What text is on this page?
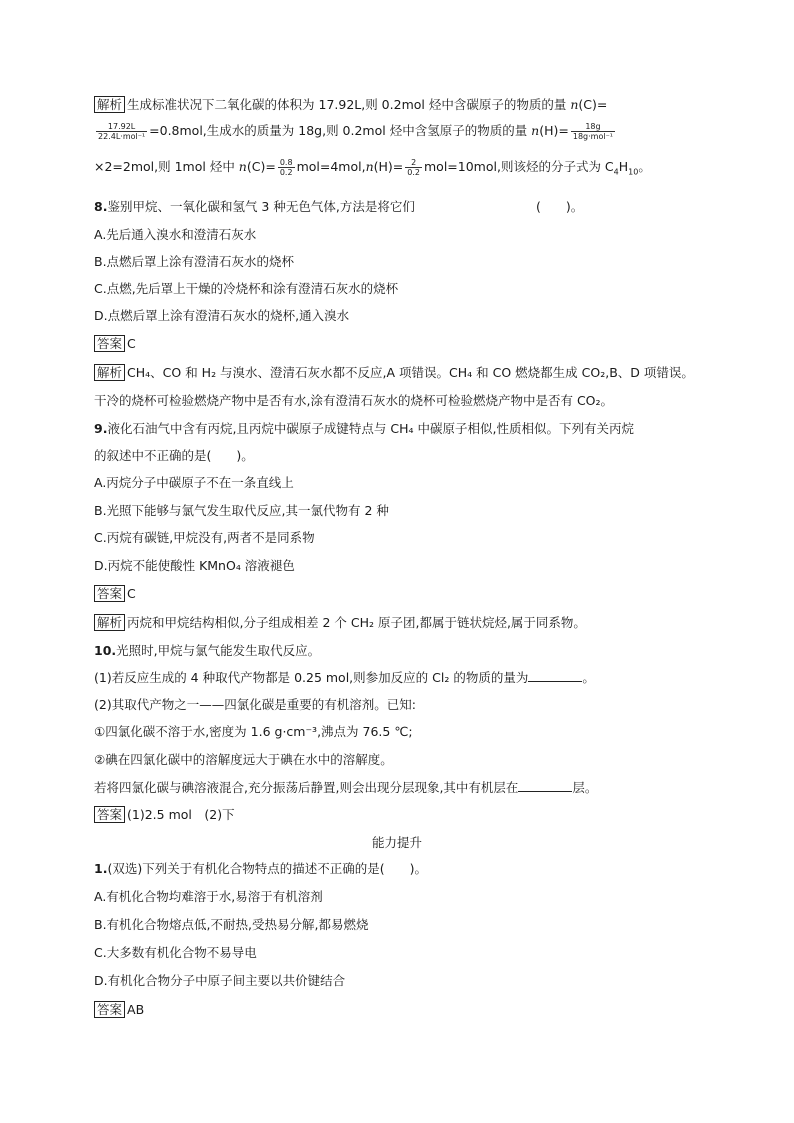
解析 生成标准状况下二氧化碳的体积为 17.92L,则 0.2mol 烃中含碳原子的物质的量 n(C)=
$\frac{17.92L}{\text{22.4L·mol⁻¹}} =0.8mol$,生成水的质量为 18g,则 0.2mol 烃中含氢原子的物质的量 $n(H)= \frac{18g}{\text{18g·mol⁻¹}}$
×2=2mol,则 1mol 烃中 $n(C)= \frac{0.8}{0.2} mol=4mol,n(H)= \frac{2}{0.2} mol=10mol$,则该烃的分子式为 $C_4H_{10}$。
8.鉴别甲烷、一氧化碳和氢气 3 种无色气体,方法是将它们	(　　)。
A.先后通入溴水和澄清石灰水
B.点燃后罩上涂有澄清石灰水的烧杯
C.点燃,先后罩上干燥的冷烧杯和涂有澄清石灰水的烧杯
D.点燃后罩上涂有澄清石灰水的烧杯,通入溴水
答案 C
解析 CH₄、CO 和 H₂ 与溴水、澄清石灰水都不反应,A 项错误。CH₄ 和 CO 燃烧都生成 CO₂,B、D 项错误。
干冷的烧杯可检验燃烧产物中是否有水,涂有澄清石灰水的烧杯可检验燃烧产物中是否有 CO₂。
9.液化石油气中含有丙烷,且丙烷中碳原子成键特点与 CH₄ 中碳原子相似,性质相似。下列有关丙烷
的叙述中不正确的是(　　)。
A.丙烷分子中碳原子不在一条直线上
B.光照下能够与氯气发生取代反应,其一氯代物有 2 种
C.丙烷有碳链,甲烷没有,两者不是同系物
D.丙烷不能使酸性 KMnO₄ 溶液褪色
答案 C
解析 丙烷和甲烷结构相似,分子组成相差 2 个 CH₂ 原子团,都属于链状烷烃,属于同系物。
10.光照时,甲烷与氯气能发生取代反应。
(1)若反应生成的 4 种取代产物都是 0.25 mol,则参加反应的 Cl₂ 的物质的量为	。
(2)其取代产物之一——四氯化碳是重要的有机溶剂。已知:
①四氯化碳不溶于水,密度为 1.6 g·cm⁻³,沸点为 76.5 ℃;
②碘在四氯化碳中的溶解度远大于碘在水中的溶解度。
若将四氯化碳与碘溶液混合,充分振荡后静置,则会出现分层现象,其中有机层在	层。
答案 (1)2.5 mol　(2)下
能力提升
1.(双选)下列关于有机化合物特点的描述不正确的是(　　)。
A.有机化合物均难溶于水,易溶于有机溶剂
B.有机化合物熔点低,不耐热,受热易分解,都易燃烧
C.大多数有机化合物不易导电
D.有机化合物分子中原子间主要以共价键结合
答案 AB
